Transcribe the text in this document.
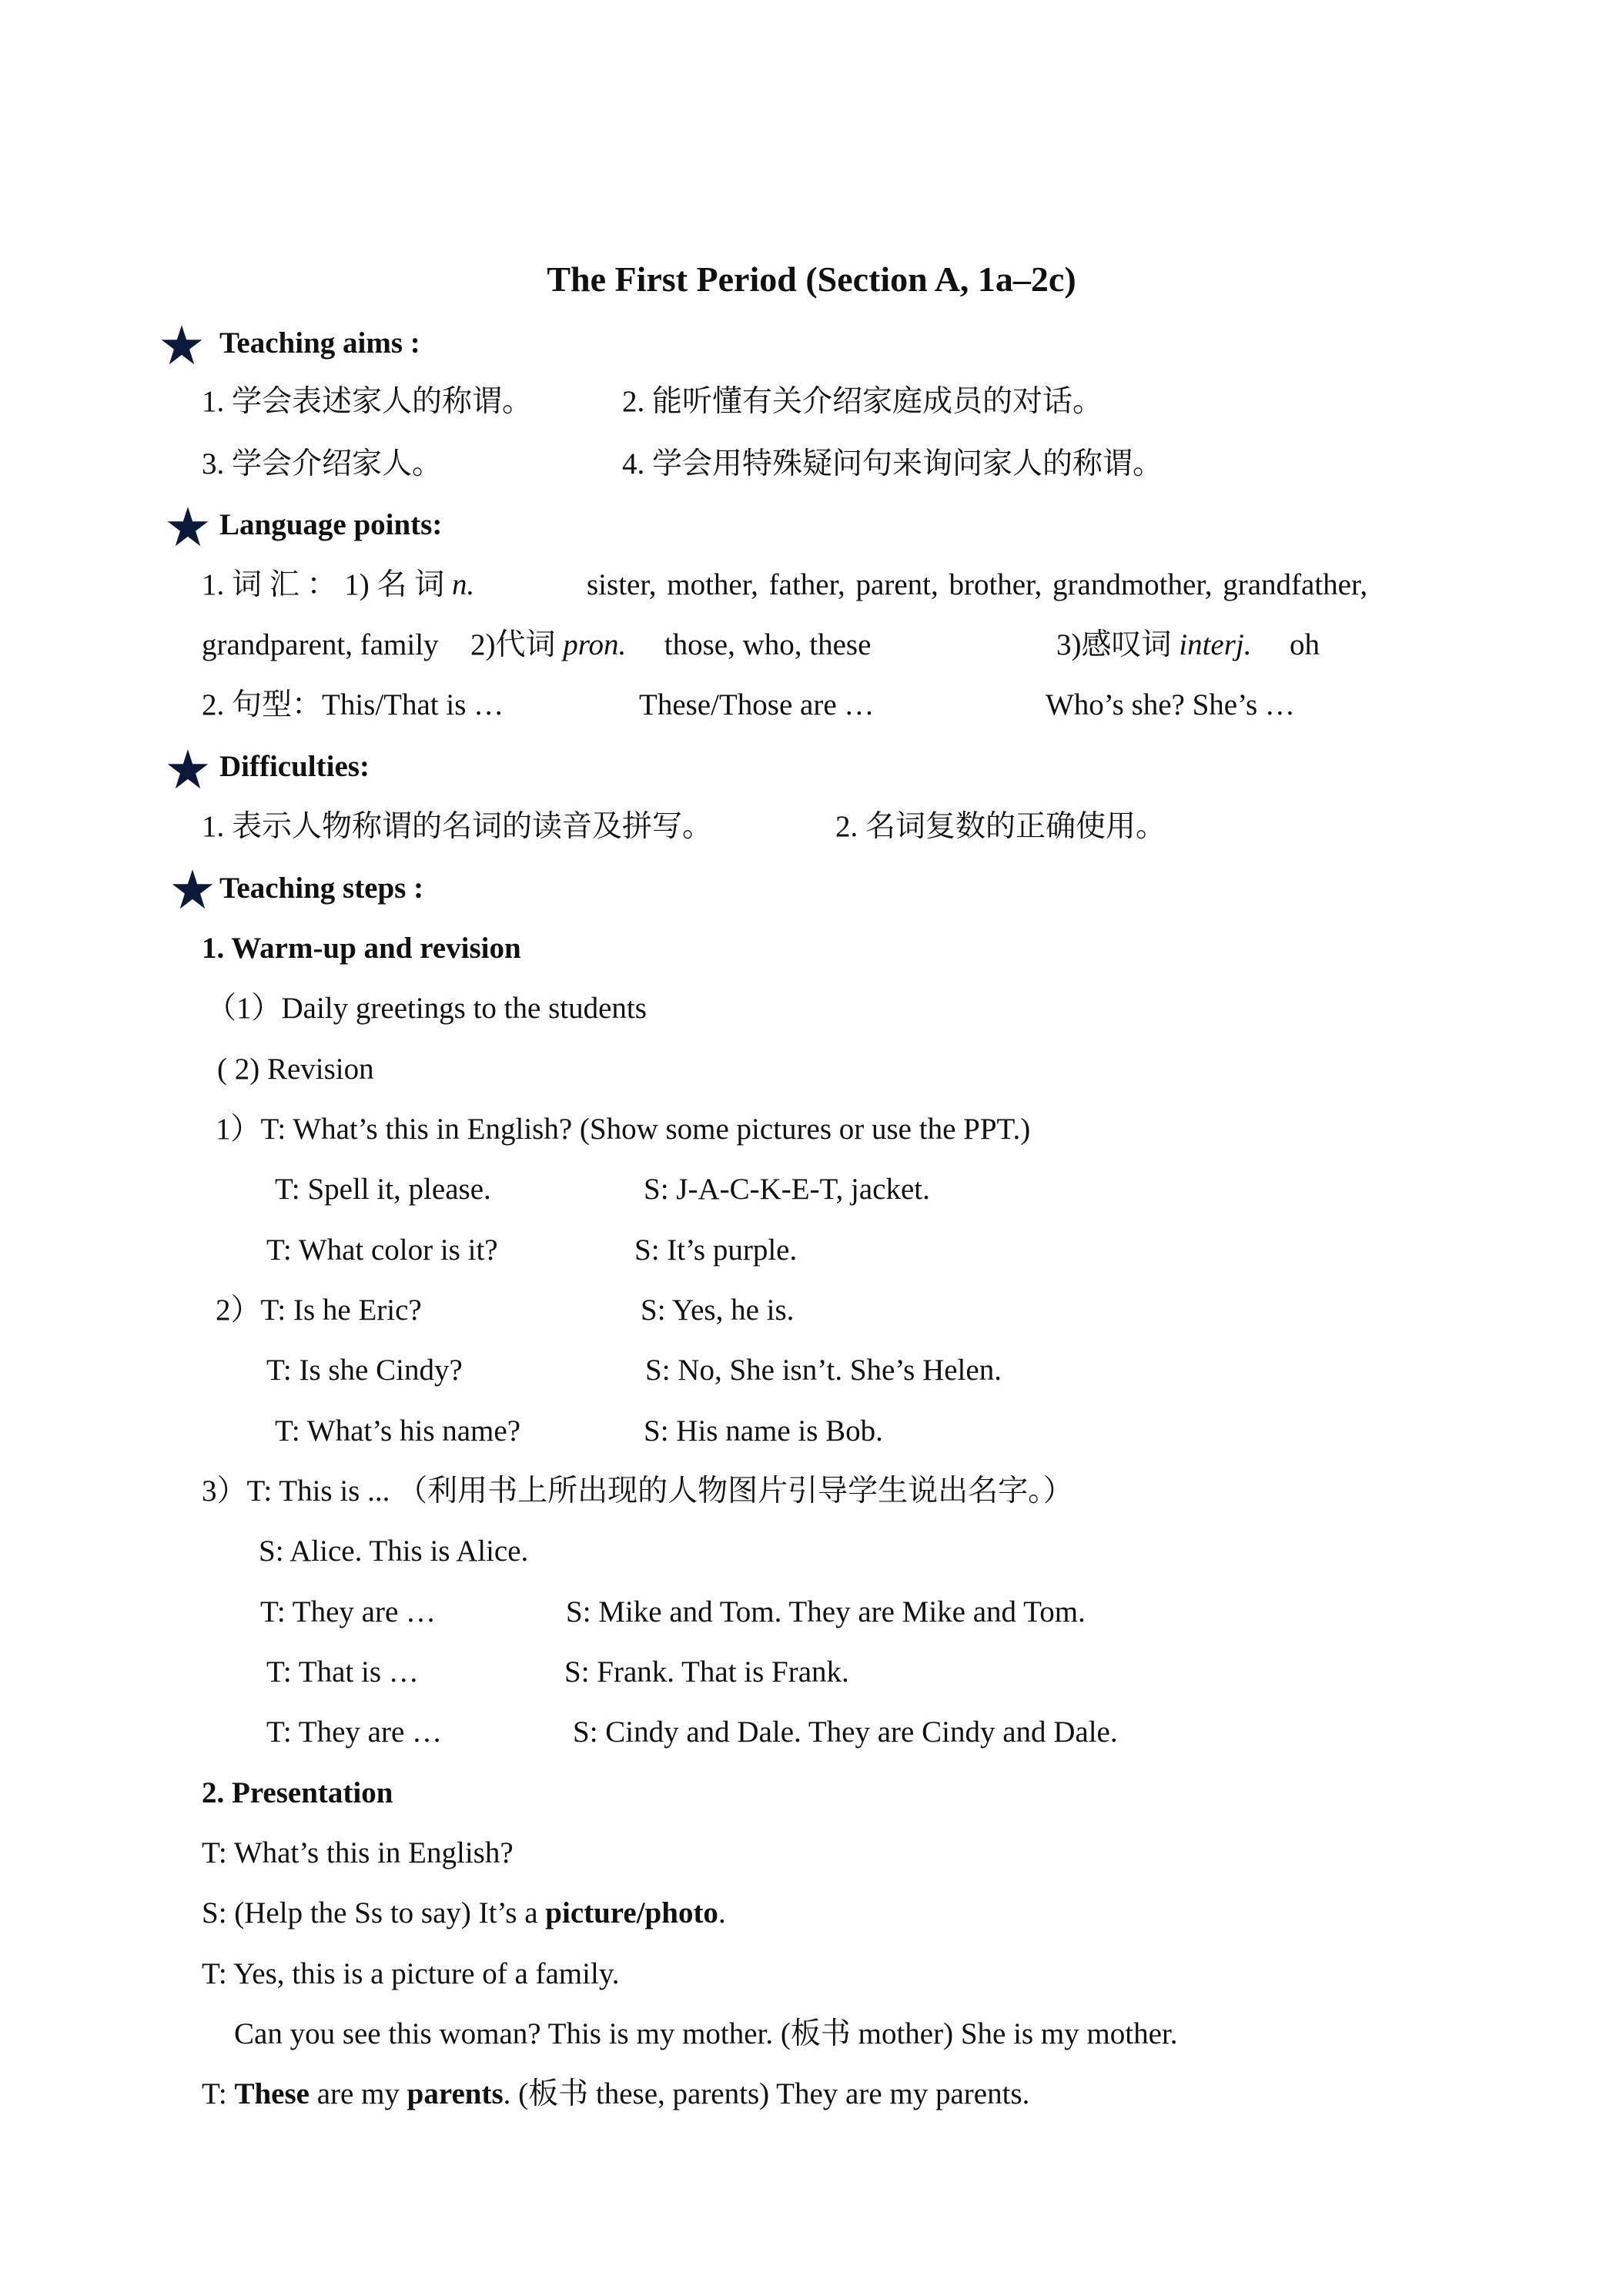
The First Period (Section A, 1a–2c)
Teaching aims :
1. 学会表述家人的称谓。	2. 能听懂有关介绍家庭成员的对话。
3. 学会介绍家人。	4. 学会用特殊疑问句来询问家人的称谓。
Language points:
1. 词 汇 ： 1) 名 词 n.	sister, mother, father, parent, brother, grandmother, grandfather,
grandparent, family 2)代词 pron. those, who, these	3)感叹词 interj. oh
2. 句型：This/That is …	These/Those are …	Who’s she? She’s …
Difficulties:
1. 表示人物称谓的名词的读音及拼写。	2. 名词复数的正确使用。
Teaching steps :
1. Warm-up and revision
（1）Daily greetings to the students
( 2) Revision
1）T: What’s this in English? (Show some pictures or use the PPT.)
T: Spell it, please.	S: J-A-C-K-E-T, jacket.
T: What color is it?	S: It’s purple.
2）T: Is he Eric?	S: Yes, he is.
T: Is she Cindy?	S: No, She isn’t. She’s Helen.
T: What’s his name?	S: His name is Bob.
3）T: This is ... （利用书上所出现的人物图片引导学生说出名字。）
S: Alice. This is Alice.
T: They are …	S: Mike and Tom. They are Mike and Tom.
T: That is …	S: Frank. That is Frank.
T: They are …	S: Cindy and Dale. They are Cindy and Dale.
2. Presentation
T: What’s this in English?
S: (Help the Ss to say) It’s a picture/photo.
T: Yes, this is a picture of a family.
Can you see this woman? This is my mother. (板书 mother) She is my mother.
T: These are my parents. (板书 these, parents) They are my parents.
